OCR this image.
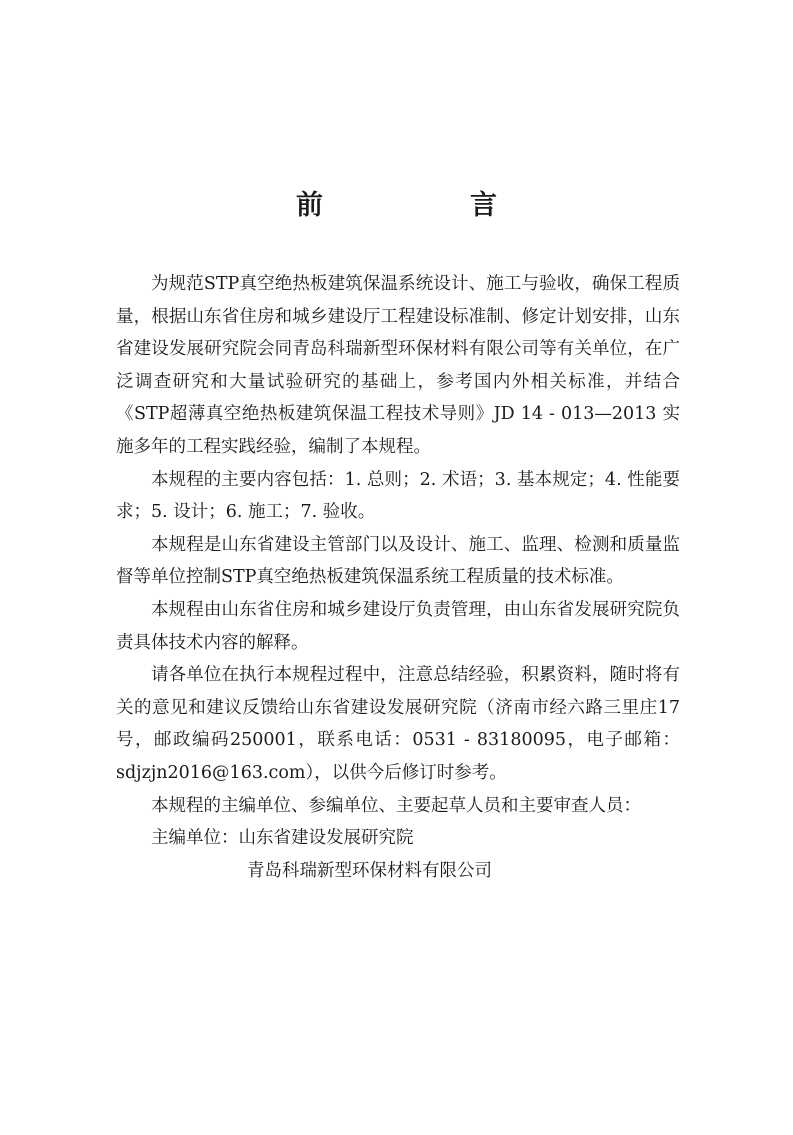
前　言

为规范STP真空绝热板建筑保温系统设计、施工与验收，确保工程质量，根据山东省住房和城乡建设厅工程建设标准制、修定计划安排，山东省建设发展研究院会同青岛科瑞新型环保材料有限公司等有关单位，在广泛调查研究和大量试验研究的基础上，参考国内外相关标准，并结合《STP超薄真空绝热板建筑保温工程技术导则》JD 14 - 013—2013 实施多年的工程实践经验，编制了本规程。

本规程的主要内容包括：1. 总则；2. 术语；3. 基本规定；4. 性能要求；5. 设计；6. 施工；7. 验收。

本规程是山东省建设主管部门以及设计、施工、监理、检测和质量监督等单位控制STP真空绝热板建筑保温系统工程质量的技术标准。

本规程由山东省住房和城乡建设厅负责管理，由山东省发展研究院负责具体技术内容的解释。

请各单位在执行本规程过程中，注意总结经验，积累资料，随时将有关的意见和建议反馈给山东省建设发展研究院（济南市经六路三里庄17号，邮政编码250001，联系电话：0531 - 83180095，电子邮箱：sdjzjn2016@163.com），以供今后修订时参考。

本规程的主编单位、参编单位、主要起草人员和主要审查人员：

主编单位：山东省建设发展研究院

青岛科瑞新型环保材料有限公司
